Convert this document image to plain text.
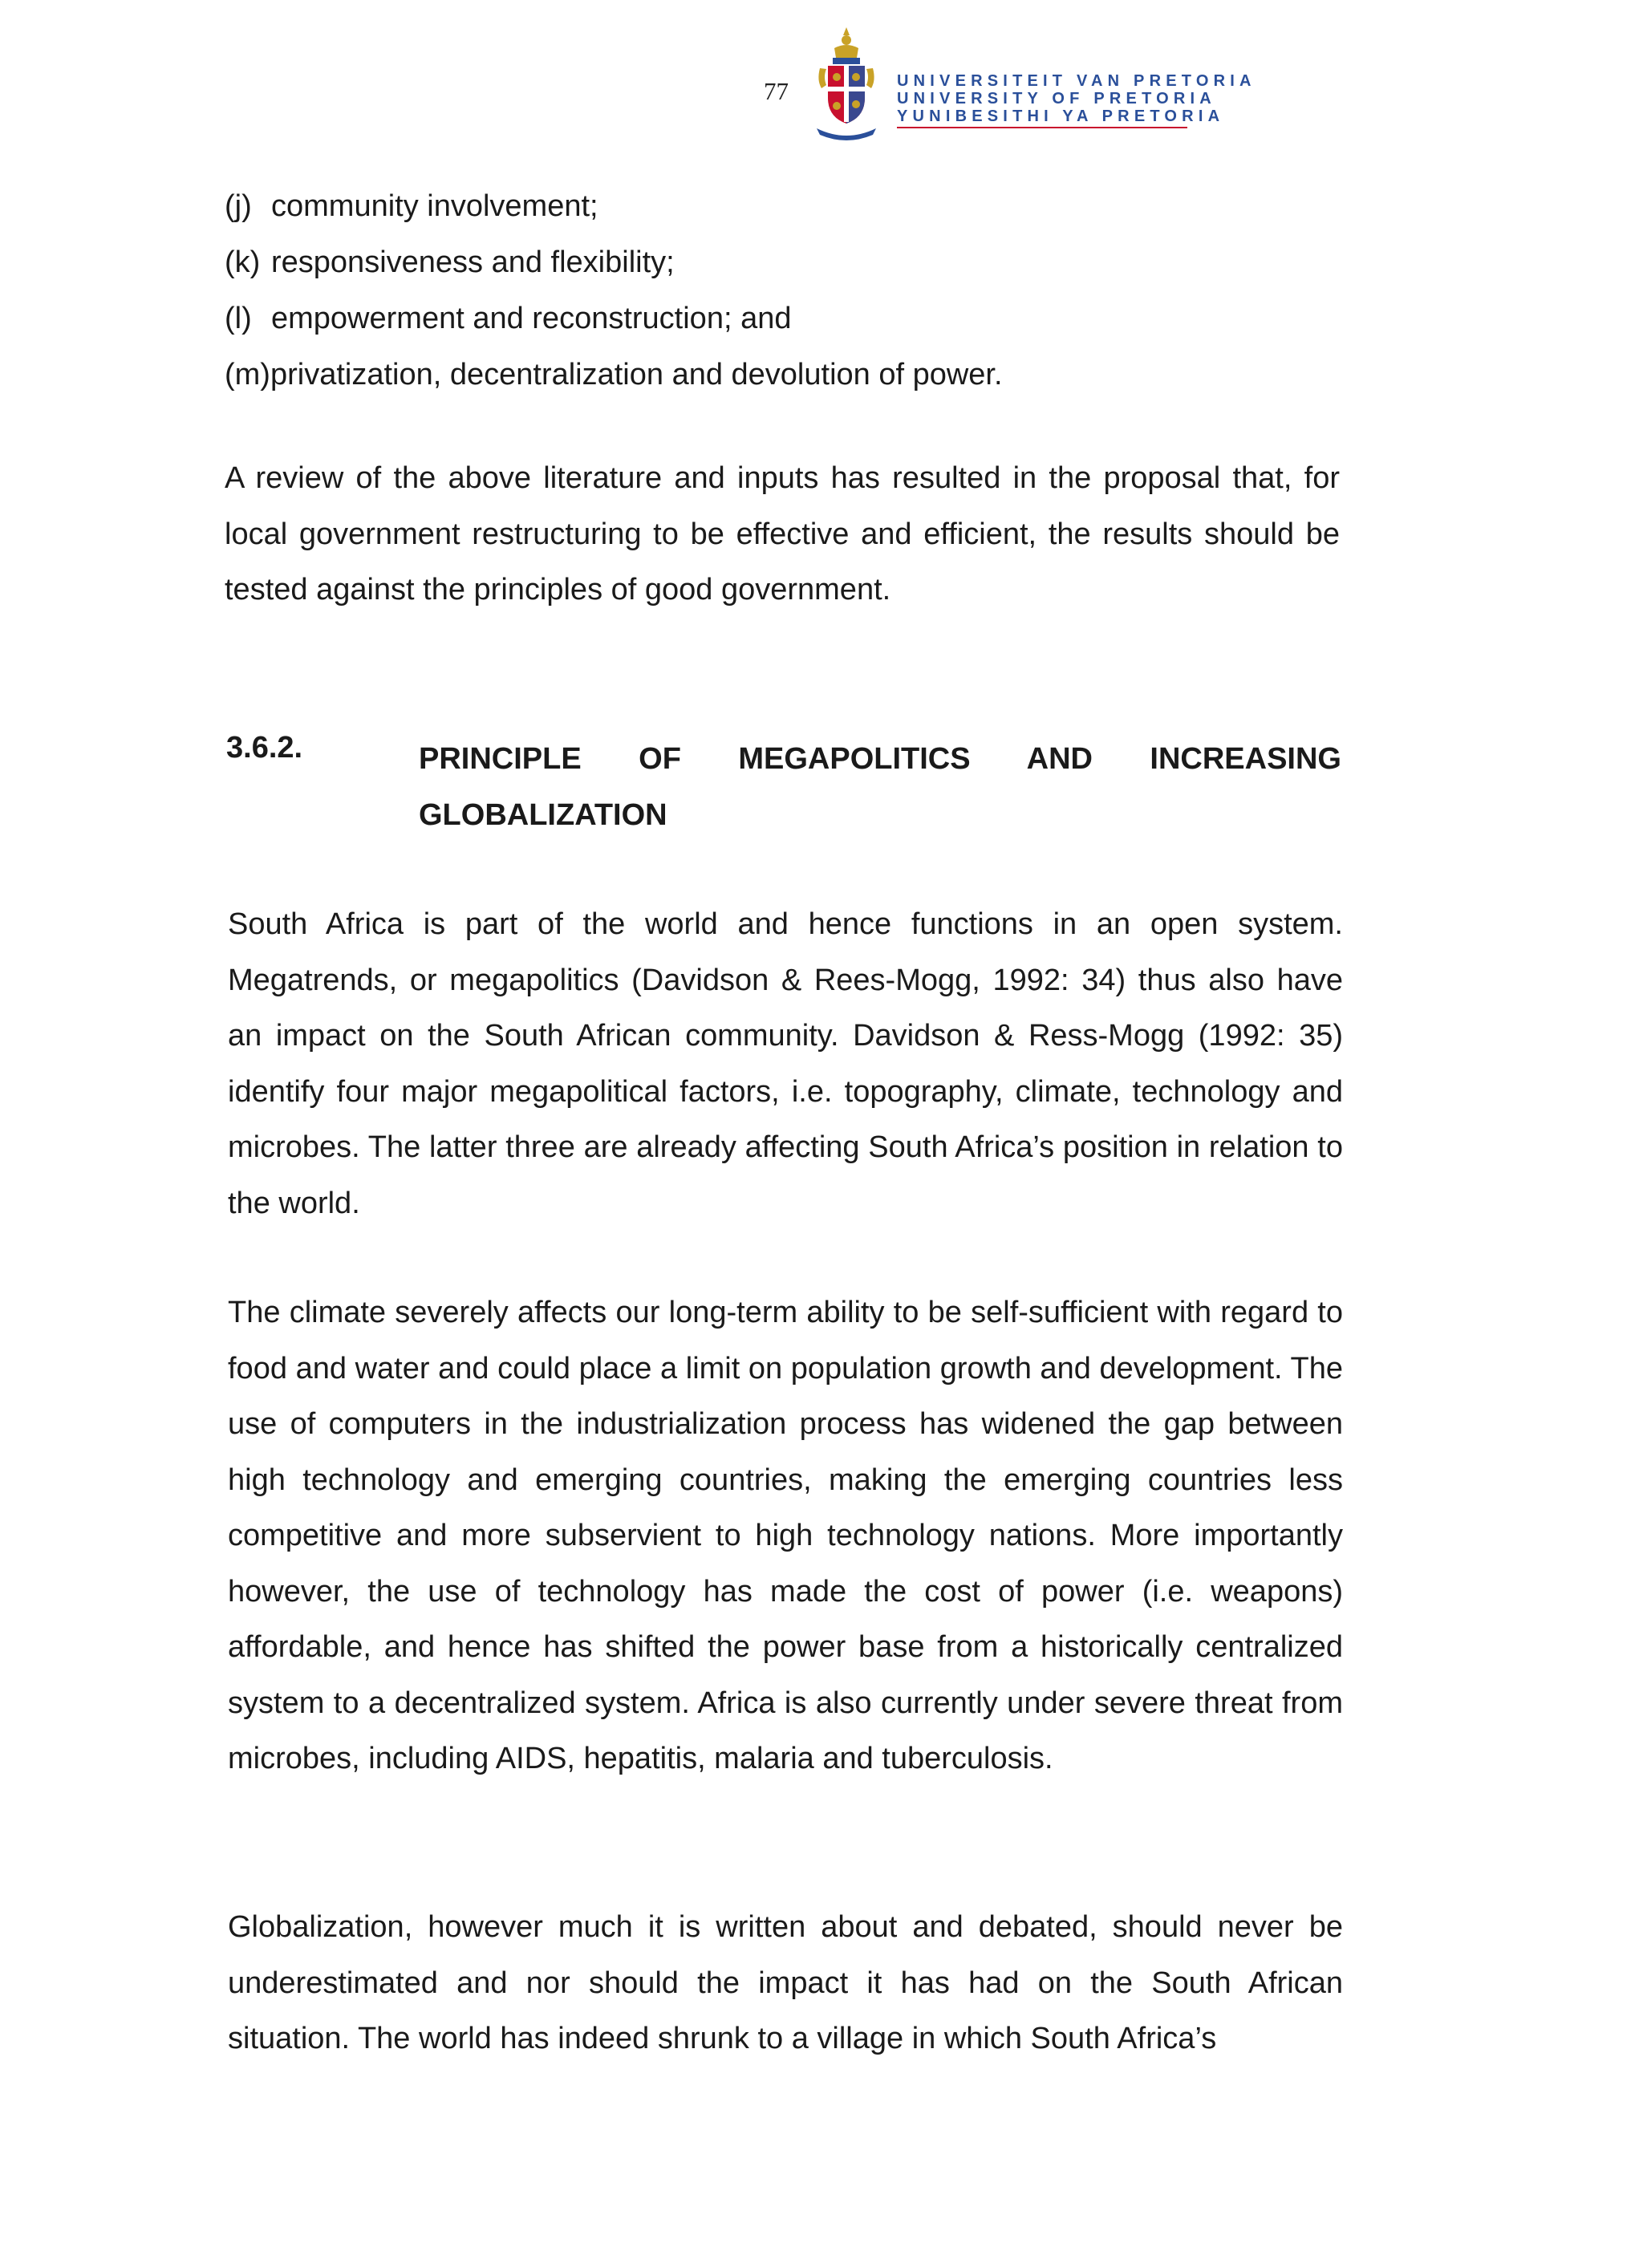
77	UNIVERSITEIT VAN PRETORIA
UNIVERSITY OF PRETORIA
YUNIBESITHI YA PRETORIA
(j) community involvement;
(k) responsiveness and flexibility;
(l) empowerment and reconstruction; and
(m)privatization, decentralization and devolution of power.

A review of the above literature and inputs has resulted in the proposal that, for local government restructuring to be effective and efficient, the results should be tested against the principles of good government.

3.6.2.	PRINCIPLE OF MEGAPOLITICS AND INCREASING
GLOBALIZATION

South Africa is part of the world and hence functions in an open system. Megatrends, or megapolitics (Davidson & Rees-Mogg, 1992: 34) thus also have an impact on the South African community. Davidson & Ress-Mogg (1992: 35) identify four major megapolitical factors, i.e. topography, climate, technology and microbes. The latter three are already affecting South Africa’s position in relation to the world.

The climate severely affects our long-term ability to be self-sufficient with regard to food and water and could place a limit on population growth and development. The use of computers in the industrialization process has widened the gap between high technology and emerging countries, making the emerging countries less competitive and more subservient to high technology nations. More importantly however, the use of technology has made the cost of power (i.e. weapons) affordable, and hence has shifted the power base from a historically centralized system to a decentralized system. Africa is also currently under severe threat from microbes, including AIDS, hepatitis, malaria and tuberculosis.

Globalization, however much it is written about and debated, should never be underestimated and nor should the impact it has had on the South African situation. The world has indeed shrunk to a village in which South Africa’s
